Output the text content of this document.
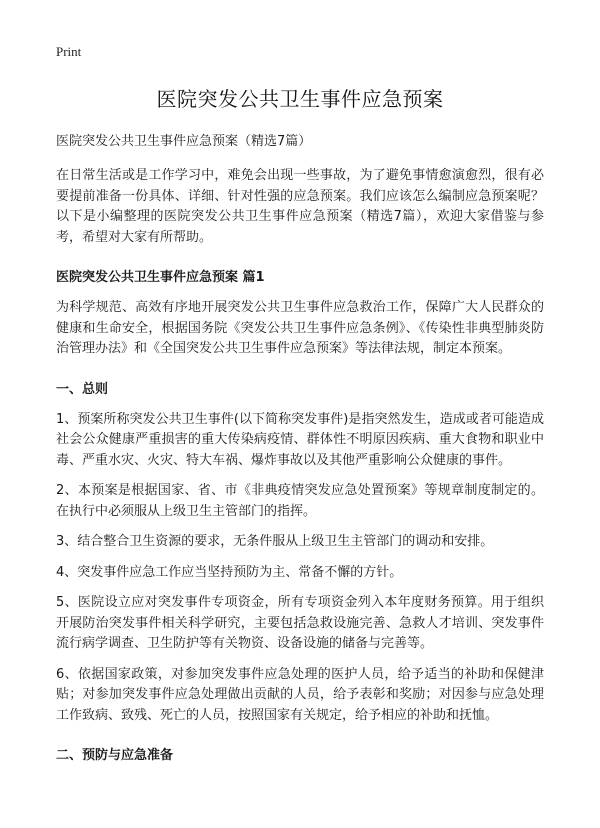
Print
医院突发公共卫生事件应急预案
医院突发公共卫生事件应急预案（精选7篇）

在日常生活或是工作学习中，难免会出现一些事故，为了避免事情愈演愈烈，很有必要提前准备一份具体、详细、针对性强的应急预案。我们应该怎么编制应急预案呢？以下是小编整理的医院突发公共卫生事件应急预案（精选7篇），欢迎大家借鉴与参考，希望对大家有所帮助。

医院突发公共卫生事件应急预案 篇1

为科学规范、高效有序地开展突发公共卫生事件应急救治工作，保障广大人民群众的健康和生命安全，根据国务院《突发公共卫生事件应急条例》、《传染性非典型肺炎防治管理办法》和《全国突发公共卫生事件应急预案》等法律法规，制定本预案。

一、总则

1、预案所称突发公共卫生事件(以下简称突发事件)是指突然发生，造成或者可能造成社会公众健康严重损害的重大传染病疫情、群体性不明原因疾病、重大食物和职业中毒、严重水灾、火灾、特大车祸、爆炸事故以及其他严重影响公众健康的事件。

2、本预案是根据国家、省、市《非典疫情突发应急处置预案》等规章制度制定的。在执行中必须服从上级卫生主管部门的指挥。

3、结合整合卫生资源的要求，无条件服从上级卫生主管部门的调动和安排。

4、突发事件应急工作应当坚持预防为主、常备不懈的方针。

5、医院设立应对突发事件专项资金，所有专项资金列入本年度财务预算。用于组织开展防治突发事件相关科学研究，主要包括急救设施完善、急救人才培训、突发事件流行病学调查、卫生防护等有关物资、设备设施的储备与完善等。

6、依据国家政策，对参加突发事件应急处理的医护人员，给予适当的补助和保健津贴；对参加突发事件应急处理做出贡献的人员，给予表彰和奖励；对因参与应急处理工作致病、致残、死亡的人员，按照国家有关规定，给予相应的补助和抚恤。

二、预防与应急准备
